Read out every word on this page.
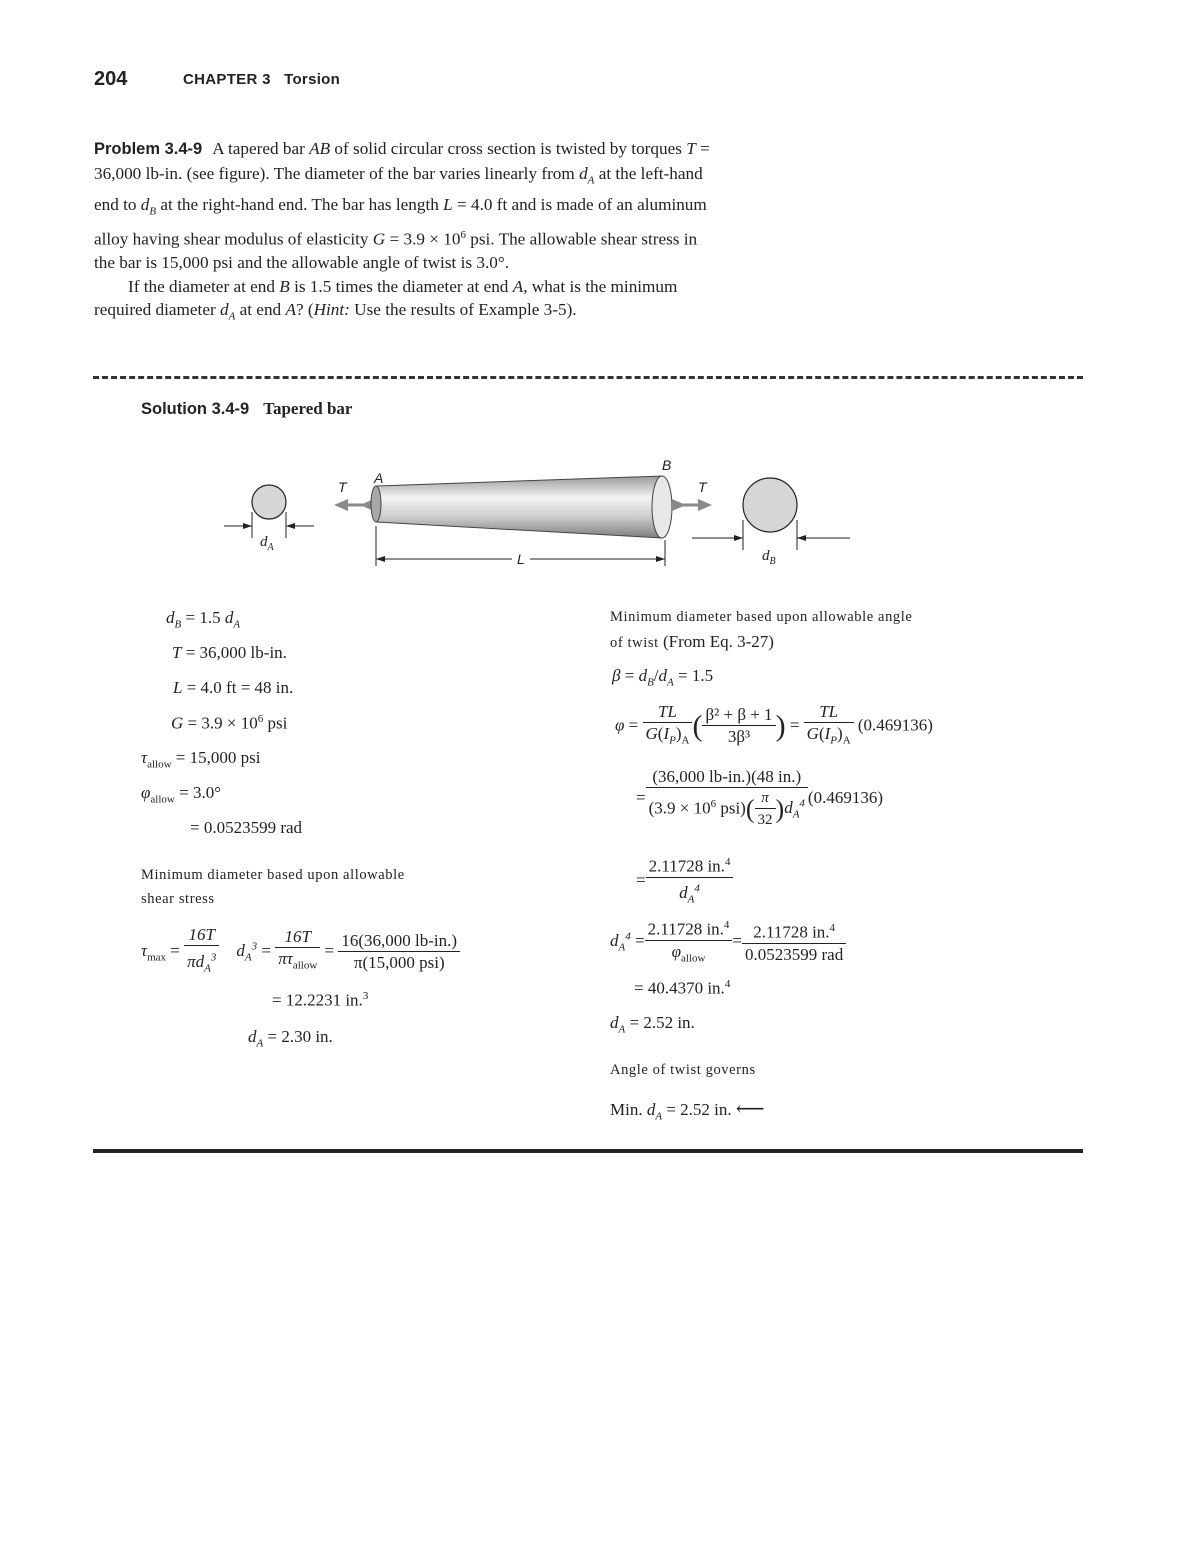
204	CHAPTER 3 Torsion

Problem 3.4-9 A tapered bar AB of solid circular cross section is twisted by torques T = 36,000 lb-in. (see figure). The diameter of the bar varies linearly from $d_A$ at the left-hand end to $d_B$ at the right-hand end. The bar has length L = 4.0 ft and is made of an aluminum alloy having shear modulus of elasticity $G = 3.9 \times 10^6$ psi. The allowable shear stress in the bar is 15,000 psi and the allowable angle of twist is 3.0°.

If the diameter at end B is 1.5 times the diameter at end A, what is the minimum required diameter $d_A$ at end A? (Hint: Use the results of Example 3-5).

Solution 3.4-9 Tapered bar
$d_A$
T
A
B
T
L	$d_B$
$d_B = 1.5$ $d_A$
T = 36,000 lb-in.
L = 4.0 ft = 48 in.
$G = 3.9 \times 10^6$ psi
$\tau_{allow} = 15,000$ psi
$\varphi_{allow} = 3.0^\circ$
= 0.0523599 rad
Minimum diameter based upon allowable
shear stress
$\tau_{max} = \frac{16T}{\pi d_A^3} d_A^3 = \frac{16T}{\pi\tau_{allow}} = \frac{16(36,000 lb-in.)}{\text{π(15,000 psi)}}$
= 12.2231 in.$^3$
$d_A = 2.30$ in.
Minimum diameter based upon allowable angle
of twist (From Eq. 3-27)
$\beta = d_B/d_A = 1.5$
$\varphi = \frac{TL}{G(I_P)_A}$ ( $\frac{\text{β² + β + 1}}{\text{3β³}}$ ) = $\frac{TL}{G(I_P)_A} (0.469136)$
= $\frac{(36,000 lb-in.)(48 in.)}{(3.9 \times 10^6 psi)( \frac{\pi}{32} )d_A^4} (0.469136)$
= $\frac{2.11728 in.^4}{d_A^4}$
$d_A^4 = \frac{2.11728 in.^4}{\varphi_{allow}} = \frac{2.11728 in.^4}{\text{0.0523599 rad}}$
= 40.4370 in.$^4$
$d_A = 2.52$ in.
Angle of twist governs
Min. $d_A = 2.52$ in. ⟵
